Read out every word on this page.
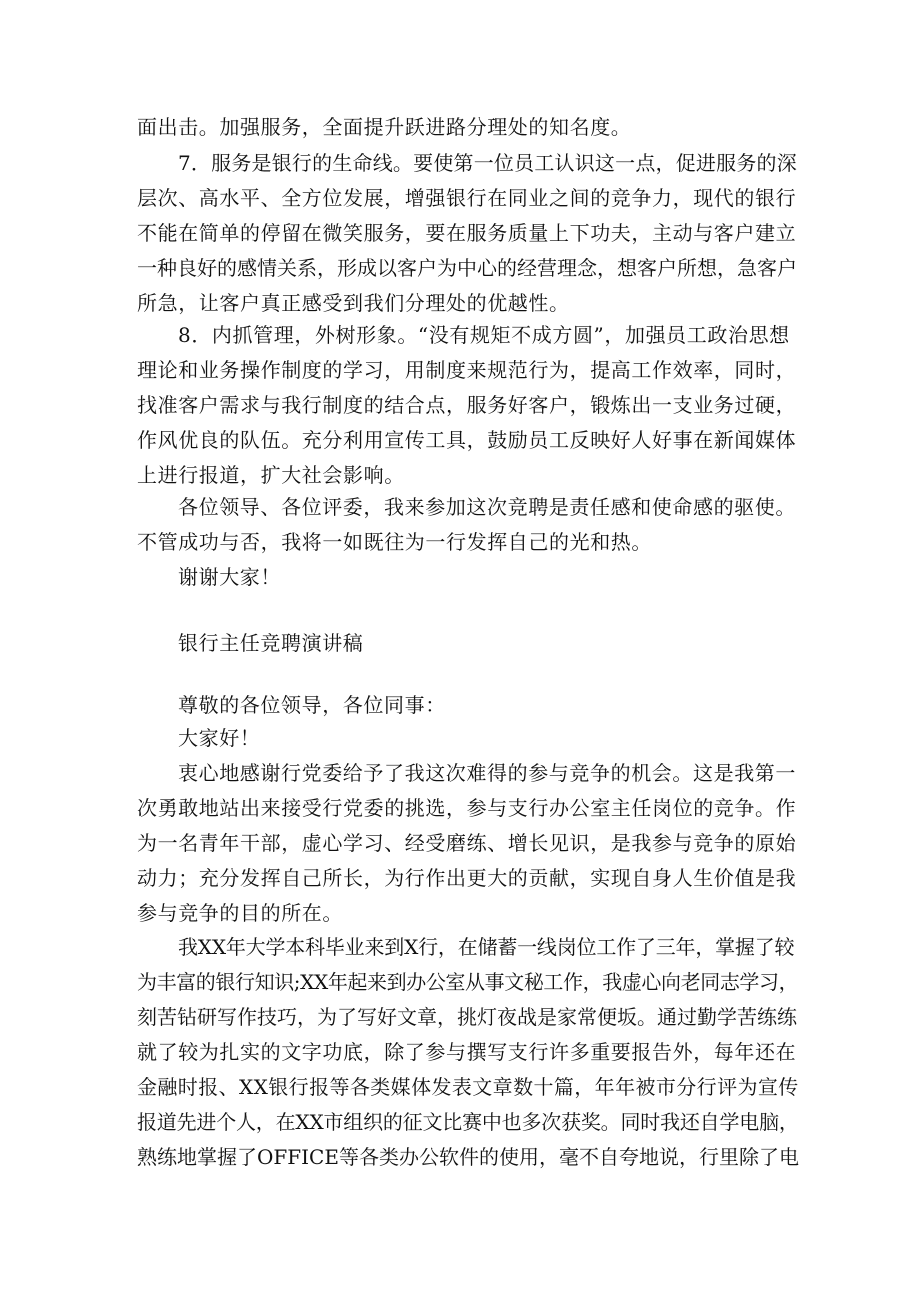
面出击。加强服务，全面提升跃进路分理处的知名度。
7．服务是银行的生命线。要使第一位员工认识这一点，促进服务的深
层次、高水平、全方位发展，增强银行在同业之间的竞争力，现代的银行
不能在简单的停留在微笑服务，要在服务质量上下功夫，主动与客户建立
一种良好的感情关系，形成以客户为中心的经营理念，想客户所想，急客户
所急，让客户真正感受到我们分理处的优越性。
8．内抓管理，外树形象。“没有规矩不成方圆”，加强员工政治思想
理论和业务操作制度的学习，用制度来规范行为，提高工作效率，同时，
找准客户需求与我行制度的结合点，服务好客户，锻炼出一支业务过硬，
作风优良的队伍。充分利用宣传工具，鼓励员工反映好人好事在新闻媒体
上进行报道，扩大社会影响。
各位领导、各位评委，我来参加这次竞聘是责任感和使命感的驱使。
不管成功与否，我将一如既往为一行发挥自己的光和热。
谢谢大家！
银行主任竞聘演讲稿
尊敬的各位领导，各位同事：
大家好！
衷心地感谢行党委给予了我这次难得的参与竞争的机会。这是我第一
次勇敢地站出来接受行党委的挑选，参与支行办公室主任岗位的竞争。作
为一名青年干部，虚心学习、经受磨练、增长见识，是我参与竞争的原始
动力；充分发挥自己所长，为行作出更大的贡献，实现自身人生价值是我
参与竞争的目的所在。
我XX年大学本科毕业来到X行，在储蓄一线岗位工作了三年，掌握了较
为丰富的银行知识;XX年起来到办公室从事文秘工作，我虚心向老同志学习，
刻苦钻研写作技巧，为了写好文章，挑灯夜战是家常便坂。通过勤学苦练练
就了较为扎实的文字功底，除了参与撰写支行许多重要报告外，每年还在
金融时报、XX银行报等各类媒体发表文章数十篇，年年被市分行评为宣传
报道先进个人，在XX市组织的征文比赛中也多次获奖。同时我还自学电脑，
熟练地掌握了OFFICE等各类办公软件的使用，毫不自夸地说，行里除了电
